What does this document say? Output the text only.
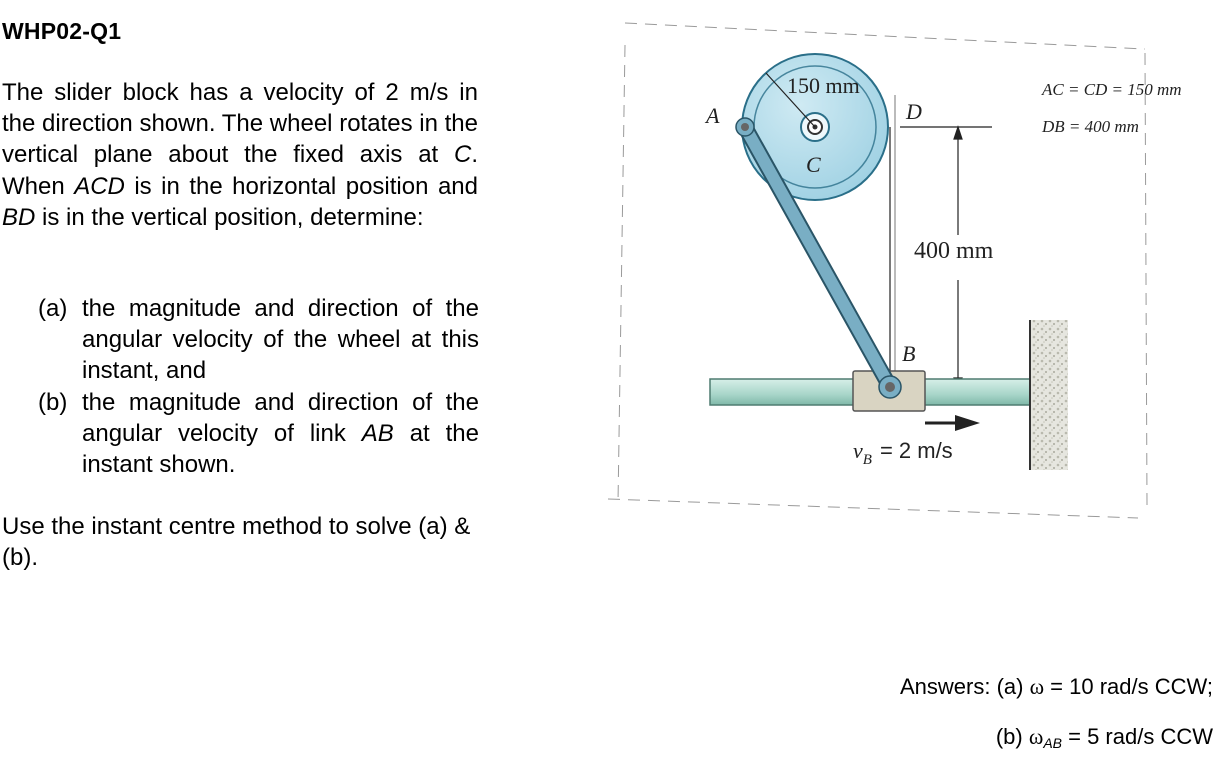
WHP02-Q1
The slider block has a velocity of 2 m/s in the direction shown. The wheel rotates in the vertical plane about the fixed axis at C. When ACD is in the horizontal position and BD is in the vertical position, determine:
(a) the magnitude and direction of the angular velocity of the wheel at this instant, and
(b) the magnitude and direction of the angular velocity of link AB at the instant shown.
Use the instant centre method to solve (a) & (b).
150 mm
A
C
D
B
400 mm
$v_B = 2$ m/s
AC = CD = 150 mm
DB = 400 mm
Answers: (a) ω = 10 rad/s CCW;
(b) $\omega_{AB} = 5$ rad/s CCW
